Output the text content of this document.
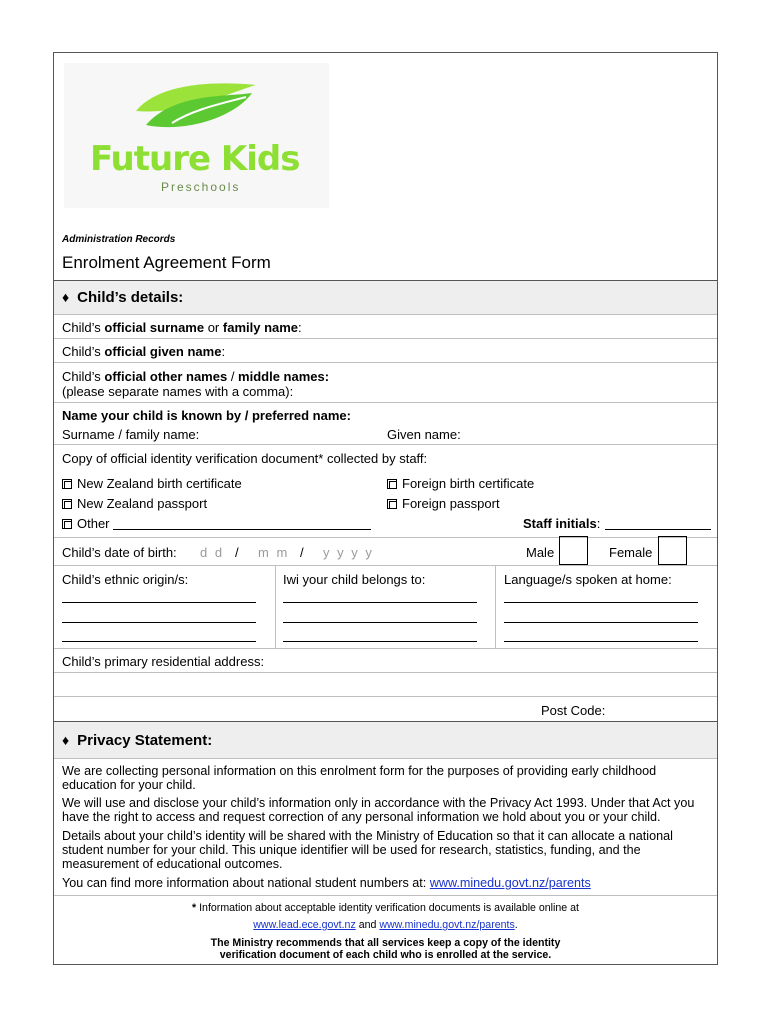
Future Kids
Preschools
Administration Records
Enrolment Agreement Form
♦ Child’s details:
Child’s official surname or family name:
Child’s official given name:
Child’s official other names / middle names:
(please separate names with a comma):
Name your child is known by / preferred name:
Surname / family name:	Given name:
Copy of official identity verification document* collected by staff:
New Zealand birth certificate	Foreign birth certificate
New Zealand passport	Foreign passport
Other	Staff initials:
Child’s date of birth: d d / m m / y y y y	Male	Female
Child’s ethnic origin/s:	Iwi your child belongs to:	Language/s spoken at home:
Child’s primary residential address:
Post Code:
♦ Privacy Statement:
We are collecting personal information on this enrolment form for the purposes of providing early childhood education for your child.
We will use and disclose your child’s information only in accordance with the Privacy Act 1993. Under that Act you have the right to access and request correction of any personal information we hold about you or your child.
Details about your child’s identity will be shared with the Ministry of Education so that it can allocate a national student number for your child. This unique identifier will be used for research, statistics, funding, and the measurement of educational outcomes.
You can find more information about national student numbers at: www.minedu.govt.nz/parents
* Information about acceptable identity verification documents is available online at
www.lead.ece.govt.nz and www.minedu.govt.nz/parents.
The Ministry recommends that all services keep a copy of the identity
verification document of each child who is enrolled at the service.
